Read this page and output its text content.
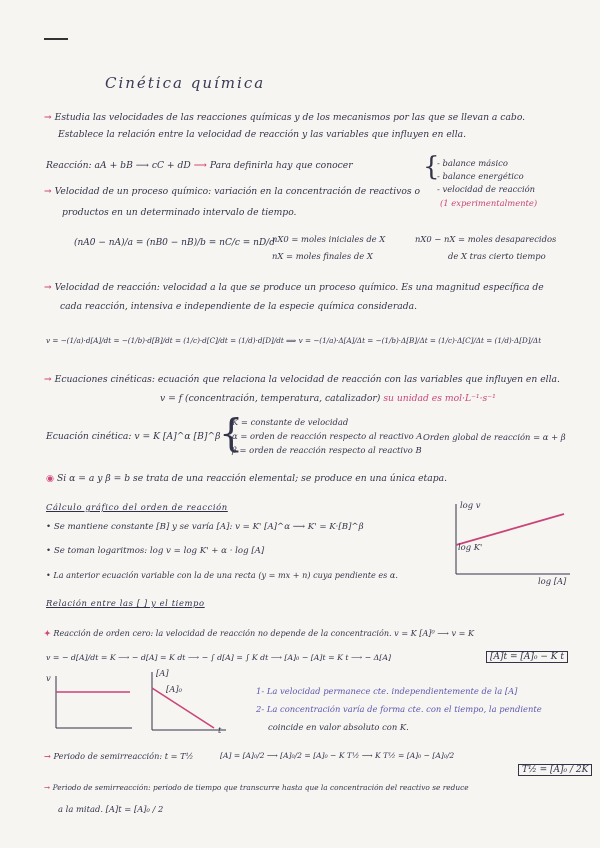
Cinética química
→ Estudia las velocidades de las reacciones químicas y de los mecanismos por las que se llevan a cabo.
Establece la relación entre la velocidad de reacción y las variables que influyen en ella.
Reacción: aA + bB ⟶ cC + dD ⟶ Para definirla hay que conocer	{
- balance másico
- balance energético
- velocidad de reacción
(1 experimentalmente)
→ Velocidad de un proceso químico: variación en la concentración de reactivos o
productos en un determinado intervalo de tiempo.
(nA0 − nA)/a = (nB0 − nB)/b = nC/c = nD/d
nX0 = moles iniciales de X
nX = moles finales de X
nX0 − nX = moles desaparecidos
de X tras cierto tiempo
→ Velocidad de reacción: velocidad a la que se produce un proceso químico. Es una magnitud específica de
cada reacción, intensiva e independiente de la especie química considerada.
v = −(1/a)·d[A]/dt = −(1/b)·d[B]/dt = (1/c)·d[C]/dt = (1/d)·d[D]/dt ⟹ v = −(1/a)·Δ[A]/Δt = −(1/b)·Δ[B]/Δt = (1/c)·Δ[C]/Δt = (1/d)·Δ[D]/Δt
→ Ecuaciones cinéticas: ecuación que relaciona la velocidad de reacción con las variables que influyen en ella.
v = f (concentración, temperatura, catalizador) su unidad es mol·L⁻¹·s⁻¹
Ecuación cinética: v = K [A]^α [B]^β
{
K = constante de velocidad
α = orden de reacción respecto al reactivo A
β = orden de reacción respecto al reactivo B
Orden global de reacción = α + β
◉ Si α = a y β = b se trata de una reacción elemental; se produce en una única etapa.
Cálculo gráfico del orden de reacción
• Se mantiene constante [B] y se varía [A]: v = K' [A]^α ⟶ K' = K·[B]^β
• Se toman logaritmos: log v = log K' + α · log [A]
• La anterior ecuación variable con la de una recta (y = mx + n) cuya pendiente es α.
log v
log [A]
log K'
Relación entre las [ ] y el tiempo
✦ Reacción de orden cero: la velocidad de reacción no depende de la concentración. v = K [A]⁰ ⟶ v = K
v = − d[A]/dt = K ⟶ − d[A] = K dt ⟶ − ∫ d[A] = ∫ K dt ⟶ [A]₀ − [A]t = K t ⟶ − Δ[A]	[A]t = [A]₀ − K t
v	[A]
[A]₀
t
1- La velocidad permanece cte. independientemente de la [A]
2- La concentración varía de forma cte. con el tiempo, la pendiente
coincide en valor absoluto con K.
→ Periodo de semirreacción: t = T½	[A] = [A]₀/2 ⟶ [A]₀/2 = [A]₀ − K T½ ⟶ K T½ = [A]₀ − [A]₀/2
T½ = [A]₀ / 2K
→ Periodo de semirreacción: periodo de tiempo que transcurre hasta que la concentración del reactivo se reduce
a la mitad. [A]t = [A]₀ / 2
